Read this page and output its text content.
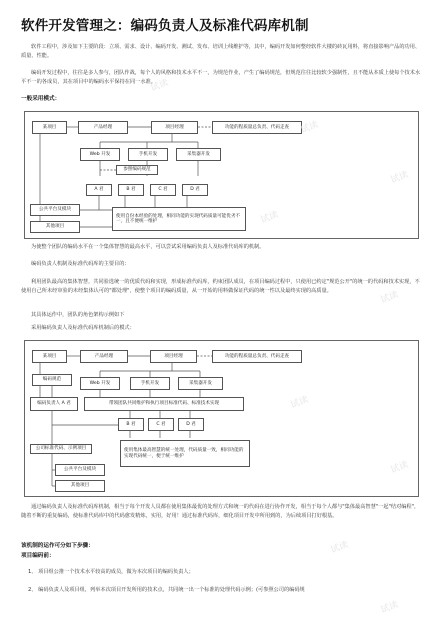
软件开发管理之：编码负责人及标准代码库机制
软件工程中，涉及如下主要阶段：立项、需求、设计、编码开发、测试、发布、培训上线维护等，其中，编码开发如何整经软件大楼的砖瓦用料，将直接影响产品的功用、质量、性能。
编码开发过程中，往往是多人参与，团队作战，每个人的风格和技术水平不一，为规范作业，产生了编码规范，但规范往往比较软少强制性，且不能从本质上使每个技术水平不一的各成员，其在项目中的编码水平保持在同一水准。
一般采用模式：
某项目	产品经理	项目经理	功能的程质量总负责、代码走查
Web 开发	手机开发	采集器开发
参照编码规范
A 君	B 君	C 君	D 君
公共平台及模块
其他项目
使用自份本经验的处理，相同功能的实现代码质量可能优劣不一，且不便统一维护
为使整个团队的编码水平在一个集体智慧的最高水平，可以尝试采用编码负责人及标准代码库的机制。
编码负责人机制及标准代码库的主要目的：
利用团队最高的集体智慧，共同验选统一的优质代码和实现，形成标准代码库，约束团队成员，在项目编码过程中，只使用已约定"规范公开"的统一的代码和技术实现，不使用自己所未经审验的未经集体认可的"都处理"，使整个项目的编码质量，从一开始的用料做保证代码的统一性以及最终实现的高质量。
其具体运作中，团队的角色架构示例如下
采用编码负责人及标准代码库机制后的模式：
某项目	产品经理	项目经理	功能的程质量总负责、代码走查
编码规范
Web 开发	手机开发	采集器开发
编码负责人 A 君	带领团队共同维护和执行项目标准代码、标准技术实现
B 君	C 君	D 君
公司标准代码、示例项目
公共平台及模块
其他项目
使用集体最高智慧的统一处理，代码质量一致，相同功能的实现代码统一，便于统一维护
通过编码负责人及标准代码库机制，相当于每个开发人员都在使用集体最优的处理方式和统一的代码在进行协作开发，相当于每个人都与"集体最高智慧"一起"结对编程"，随着不断的重复编码，使标准代码库中的代码愈发精炼，实用，好用！通过标准代码库，细化项目开发中所用到的，为后续项目打好根基。
该机制的运作可分如下步骤：
项目编码前：
1、 项目组公推一个技术水平较高的成员，做为本次项目的编码负责人；
2、 编码负责人及项目组，列举本次项目开发所用的技术点，共同统一出一个标准的处理代码示例；(可参照公司的编码规
试读
试读
试读
试读
试读
试读
试读
试读
试读
